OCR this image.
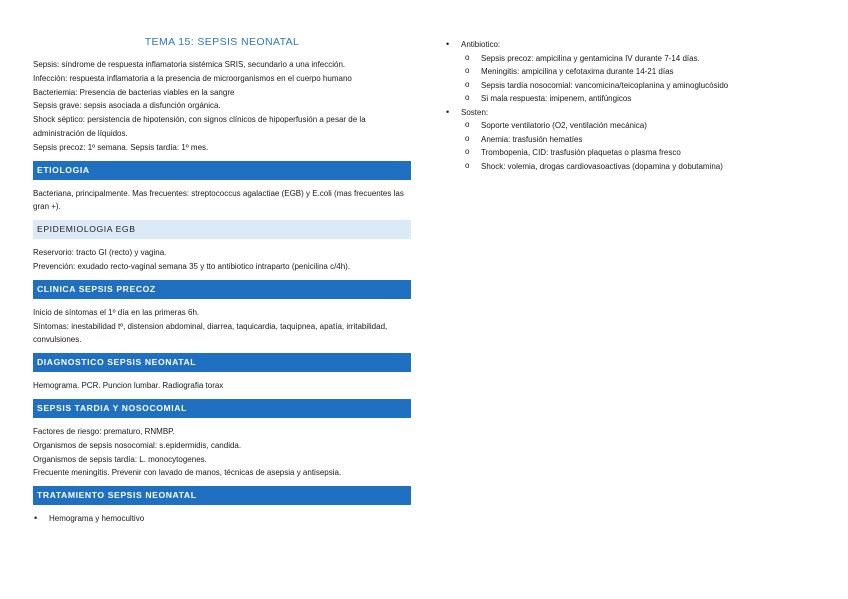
TEMA 15: SEPSIS NEONATAL

Sepsis: síndrome de respuesta inflamatoria sistémica SRIS, secundario a una infección.

Infección: respuesta inflamatoria a la presencia de microorganismos en el cuerpo humano

Bacteriemia: Presencia de bacterias viables en la sangre

Sepsis grave: sepsis asociada a disfunción orgánica.

Shock séptico: persistencia de hipotensión, con signos clínicos de hipoperfusión a pesar de la administración de líquidos.

Sepsis precoz: 1º semana. Sepsis tardía: 1º mes.

ETIOLOGIA

Bacteriana, principalmente. Mas frecuentes: streptococcus agalactiae (EGB) y E.coli (mas frecuentes las gran +).

EPIDEMIOLOGIA EGB

Reservorio: tracto GI (recto) y vagina.

Prevención: exudado recto-vaginal semana 35 y tto antibiotico intraparto (penicilina c/4h).

CLINICA SEPSIS PRECOZ

Inicio de síntomas el 1º día en las primeras 6h.

Síntomas: inestabilidad tº, distension abdominal, diarrea, taquicardia, taquipnea, apatía, irritabilidad, convulsiones.

DIAGNOSTICO SEPSIS NEONATAL

Hemograma. PCR. Puncion lumbar. Radiografia torax

SEPSIS TARDIA Y NOSOCOMIAL

Factores de riesgo: prematuro, RNMBP.

Organismos de sepsis nosocomial: s.epidermidis, candida.

Organismos de sepsis tardía: L. monocytogenes.

Frecuente meningitis. Prevenir con lavado de manos, técnicas de asepsia y antisepsia.

TRATAMIENTO SEPSIS NEONATAL
• Hemograma y hemocultivo
• Antibiotico:
o Sepsis precoz: ampicilina y gentamicina IV durante 7-14 días.
o Meningitis: ampicilina y cefotaxima durante 14-21 días
o Sepsis tardía nosocomial: vancomicina/teicoplanina y aminoglucósido
o Si mala respuesta: imipenem, antifúngicos
• Sosten:
o Soporte ventilatorio (O2, ventilación mecánica)
o Anemia: trasfusión hematíes
o Trombopenia, CID: trasfusión plaquetas o plasma fresco
o Shock: volemia, drogas cardiovasoactivas (dopamina y dobutamina)
